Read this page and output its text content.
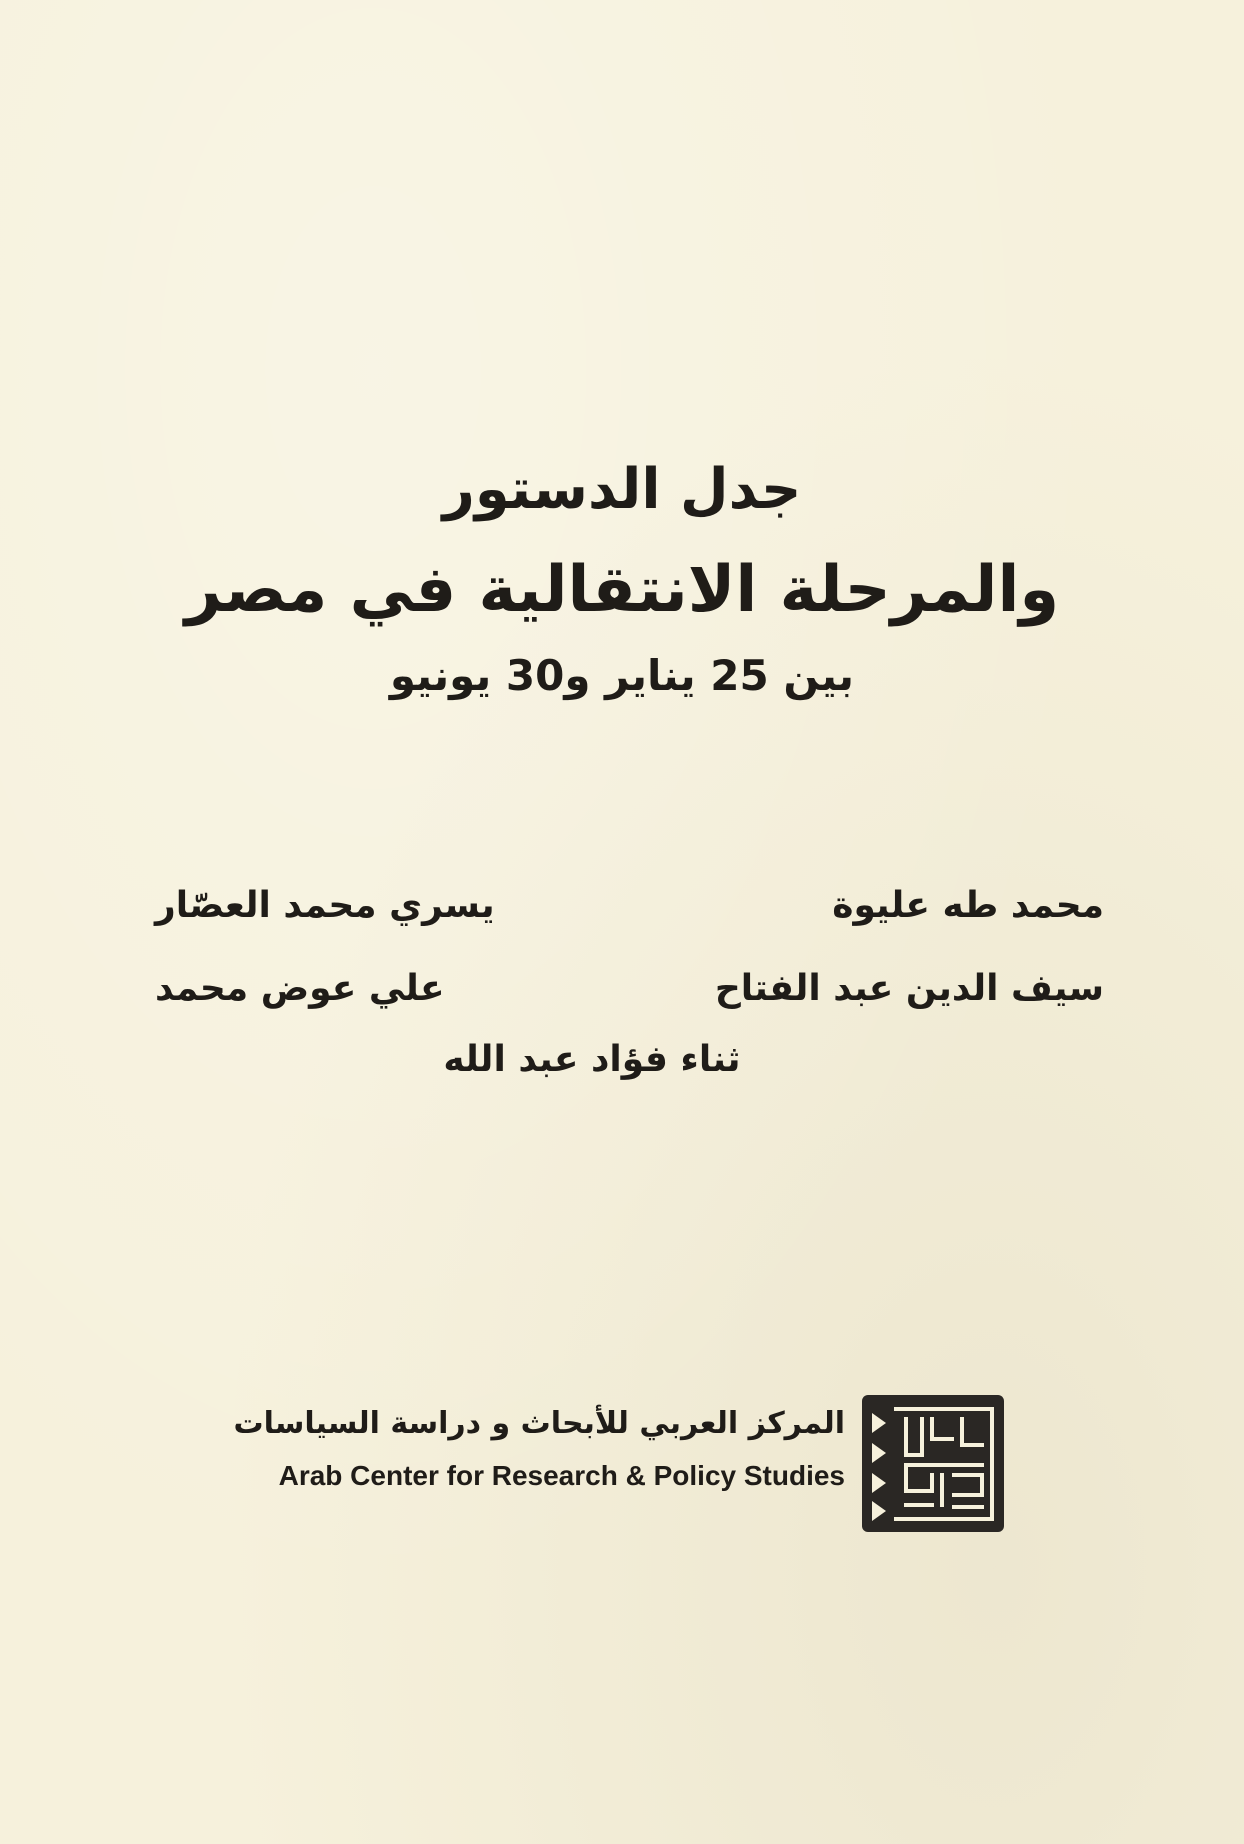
جدل الدستور
والمرحلة الانتقالية في مصر
بين 25 يناير و30 يونيو
محمد طه عليوة
يسري محمد العصّار
سيف الدين عبد الفتاح
علي عوض محمد
ثناء فؤاد عبد الله
المركز العربي للأبحاث و دراسة السياسات
Arab Center for Research & Policy Studies
